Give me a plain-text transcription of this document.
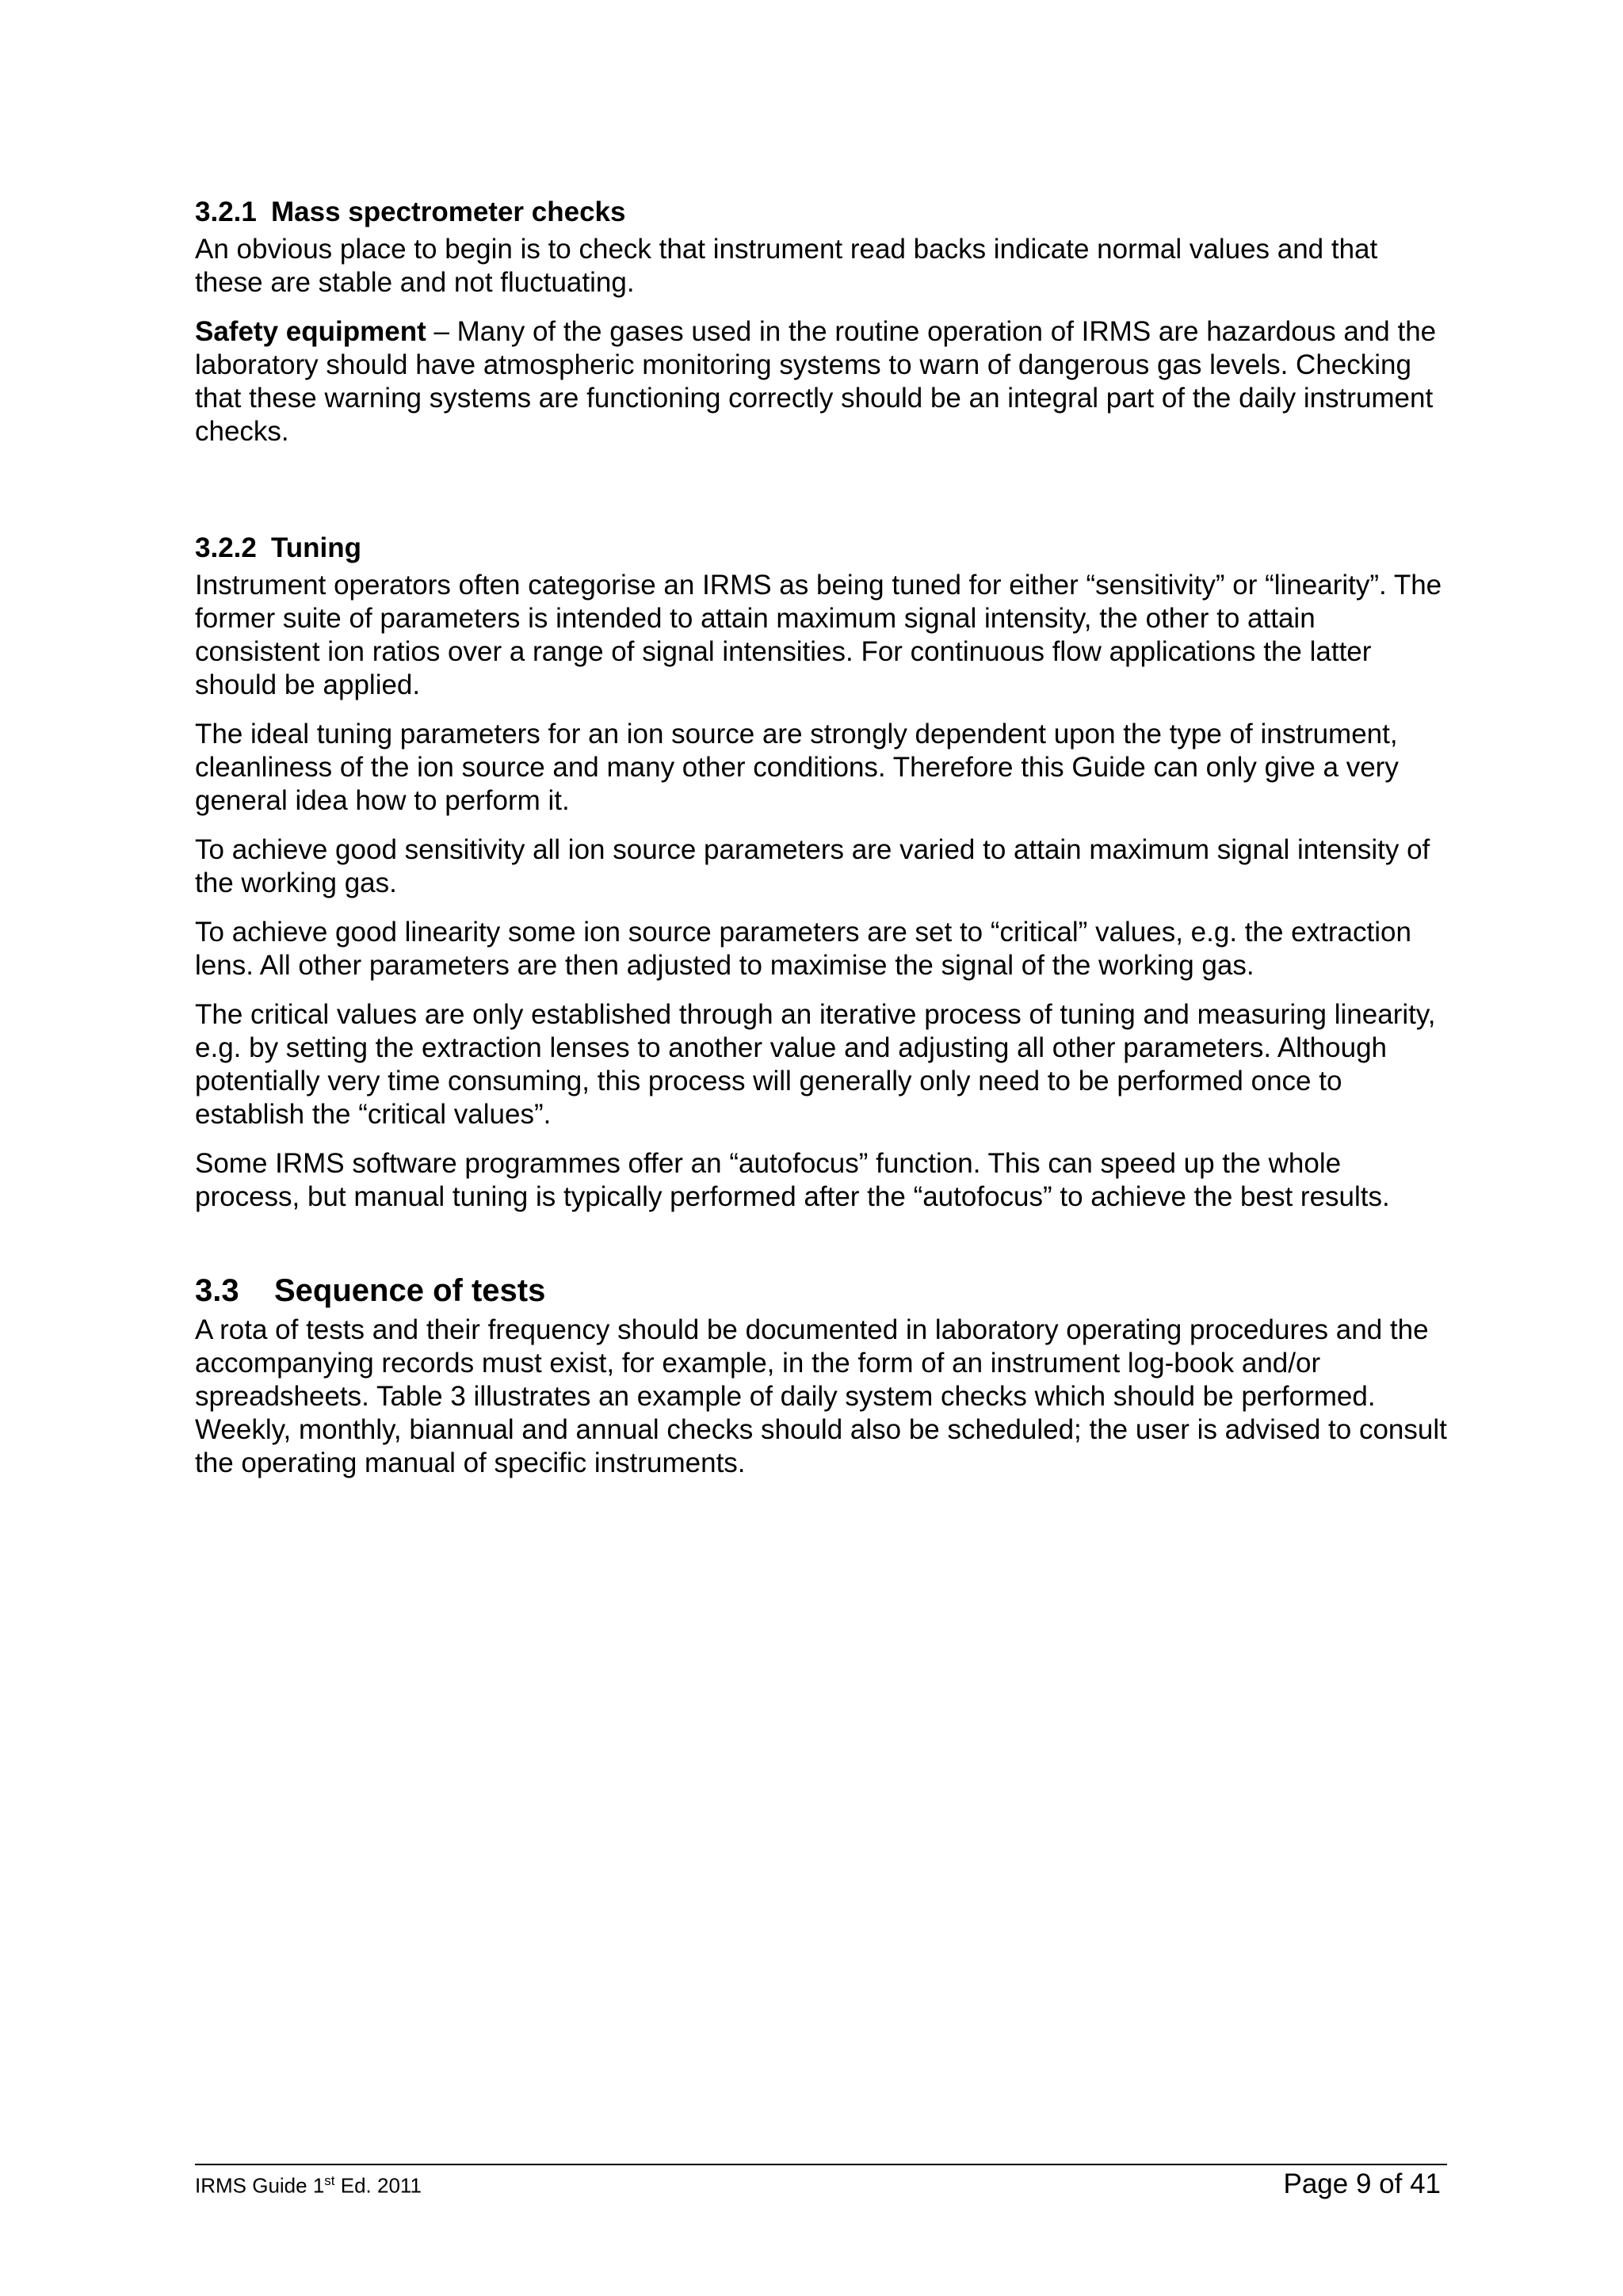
3.2.1 Mass spectrometer checks

An obvious place to begin is to check that instrument read backs indicate normal values and that these are stable and not fluctuating.

Safety equipment – Many of the gases used in the routine operation of IRMS are hazardous and the laboratory should have atmospheric monitoring systems to warn of dangerous gas levels. Checking that these warning systems are functioning correctly should be an integral part of the daily instrument checks.

3.2.2 Tuning

Instrument operators often categorise an IRMS as being tuned for either “sensitivity” or “linearity”. The former suite of parameters is intended to attain maximum signal intensity, the other to attain consistent ion ratios over a range of signal intensities. For continuous flow applications the latter should be applied.

The ideal tuning parameters for an ion source are strongly dependent upon the type of instrument, cleanliness of the ion source and many other conditions. Therefore this Guide can only give a very general idea how to perform it.

To achieve good sensitivity all ion source parameters are varied to attain maximum signal intensity of the working gas.

To achieve good linearity some ion source parameters are set to “critical” values, e.g. the extraction lens. All other parameters are then adjusted to maximise the signal of the working gas.

The critical values are only established through an iterative process of tuning and measuring linearity, e.g. by setting the extraction lenses to another value and adjusting all other parameters. Although potentially very time consuming, this process will generally only need to be performed once to establish the “critical values”.

Some IRMS software programmes offer an “autofocus” function. This can speed up the whole process, but manual tuning is typically performed after the “autofocus” to achieve the best results.

3.3 Sequence of tests

A rota of tests and their frequency should be documented in laboratory operating procedures and the accompanying records must exist, for example, in the form of an instrument log-book and/or spreadsheets. Table 3 illustrates an example of daily system checks which should be performed. Weekly, monthly, biannual and annual checks should also be scheduled; the user is advised to consult the operating manual of specific instruments.

IRMS Guide 1st Ed. 2011	Page 9 of 41
